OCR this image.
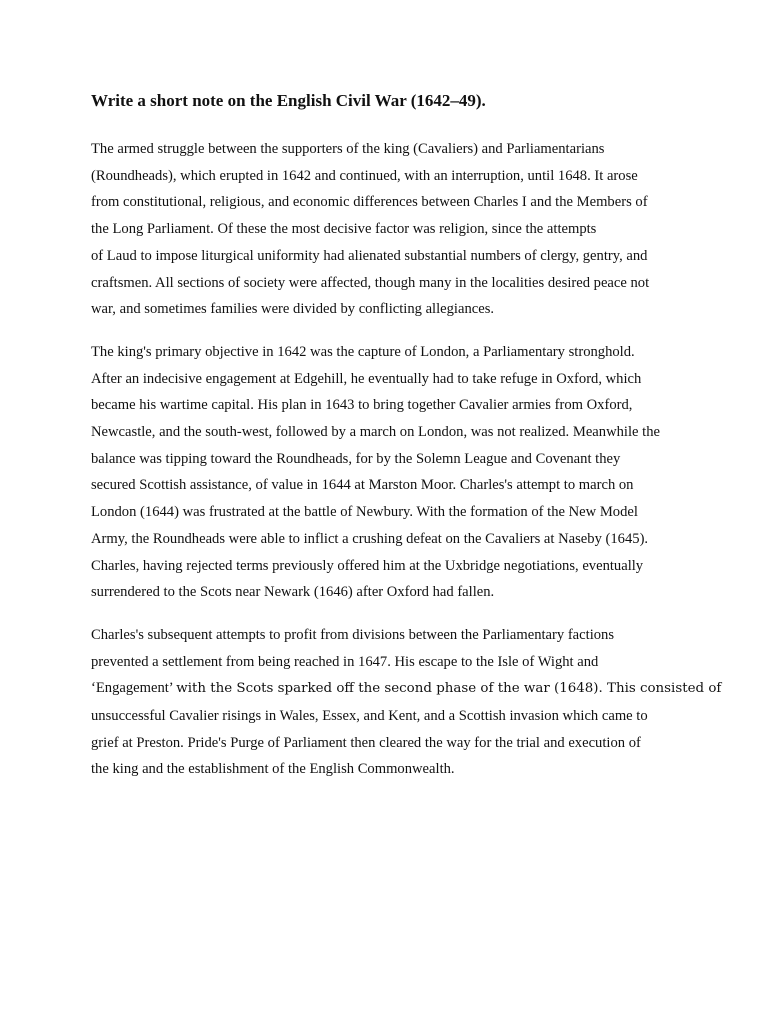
Write a short note on the English Civil War (1642–49).

The armed struggle between the supporters of the king (Cavaliers) and Parliamentarians
(Roundheads), which erupted in 1642 and continued, with an interruption, until 1648. It arose
from constitutional, religious, and economic differences between Charles I and the Members of
the Long Parliament. Of these the most decisive factor was religion, since the attempts
of Laud to impose liturgical uniformity had alienated substantial numbers of clergy, gentry, and
craftsmen. All sections of society were affected, though many in the localities desired peace not
war, and sometimes families were divided by conflicting allegiances.

The king's primary objective in 1642 was the capture of London, a Parliamentary stronghold.
After an indecisive engagement at Edgehill, he eventually had to take refuge in Oxford, which
became his wartime capital. His plan in 1643 to bring together Cavalier armies from Oxford,
Newcastle, and the south-west, followed by a march on London, was not realized. Meanwhile the
balance was tipping toward the Roundheads, for by the Solemn League and Covenant they
secured Scottish assistance, of value in 1644 at Marston Moor. Charles's attempt to march on
London (1644) was frustrated at the battle of Newbury. With the formation of the New Model
Army, the Roundheads were able to inflict a crushing defeat on the Cavaliers at Naseby (1645).
Charles, having rejected terms previously offered him at the Uxbridge negotiations, eventually
surrendered to the Scots near Newark (1646) after Oxford had fallen.

Charles's subsequent attempts to profit from divisions between the Parliamentary factions
prevented a settlement from being reached in 1647. His escape to the Isle of Wight and
‘Engagement’ with the Scots sparked off the second phase of the war (1648). This consisted of
unsuccessful Cavalier risings in Wales, Essex, and Kent, and a Scottish invasion which came to
grief at Preston. Pride's Purge of Parliament then cleared the way for the trial and execution of
the king and the establishment of the English Commonwealth.
